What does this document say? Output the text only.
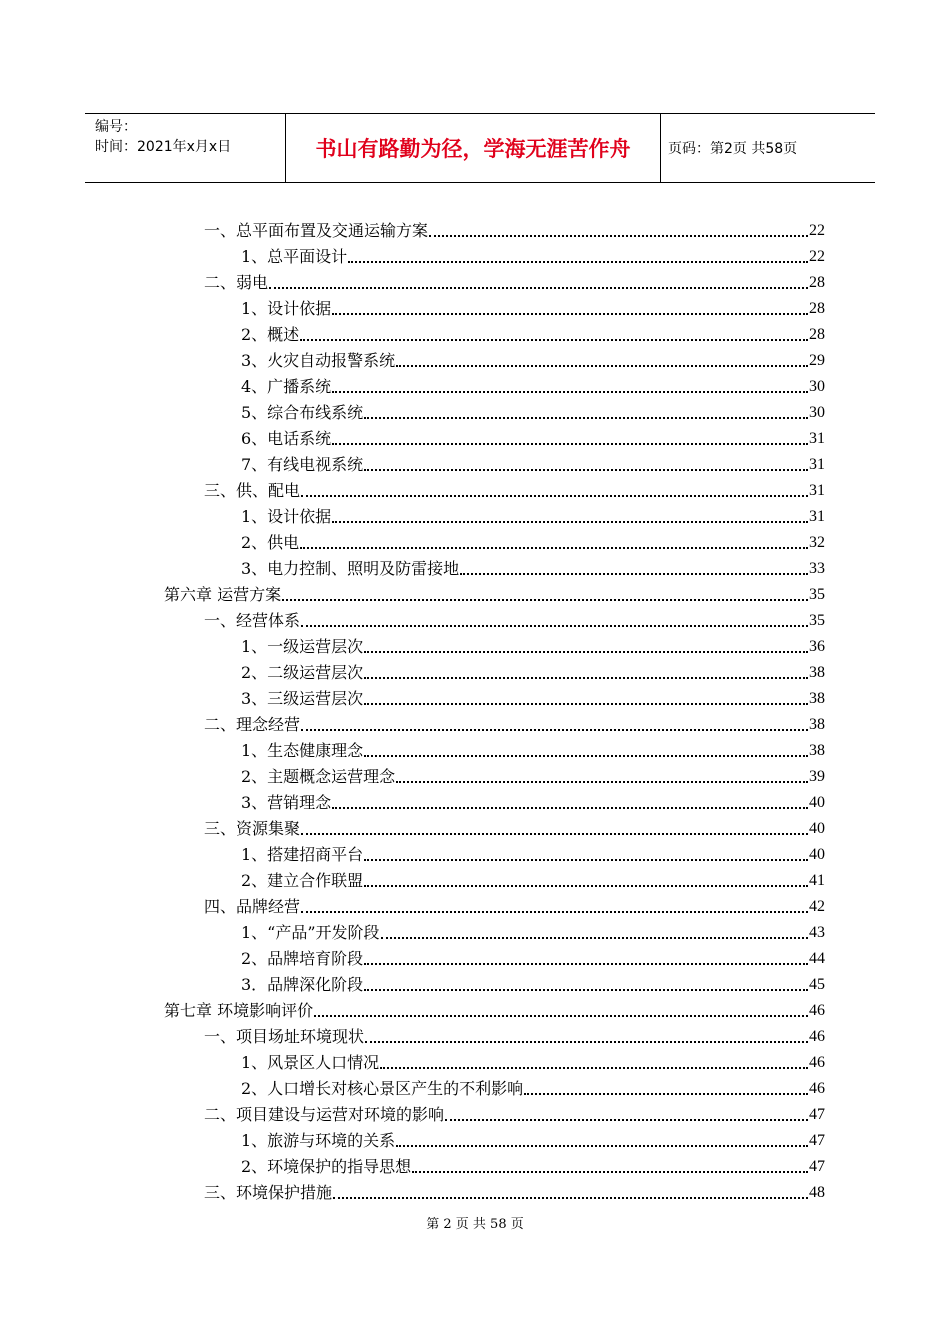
编号：
时间：2021年x月x日	书山有路勤为径，学海无涯苦作舟	页码：第2页 共58页
一、总平面布置及交通运输方案	22
1、总平面设计	22
二、弱电	28
1、设计依据	28
2、概述	28
3、火灾自动报警系统	29
4、广播系统	30
5、综合布线系统	30
6、电话系统	31
7、有线电视系统	31
三、供、配电	31
1、设计依据	31
2、供电	32
3、电力控制、照明及防雷接地	33
第六章 运营方案	35
一、经营体系	35
1、一级运营层次	36
2、二级运营层次	38
3、三级运营层次	38
二、理念经营	38
1、生态健康理念	38
2、主题概念运营理念	39
3、营销理念	40
三、资源集聚	40
1、搭建招商平台	40
2、建立合作联盟	41
四、品牌经营	42
1、“产品”开发阶段	43
2、品牌培育阶段	44
3．品牌深化阶段	45
第七章 环境影响评价	46
一、项目场址环境现状	46
1、风景区人口情况	46
2、人口增长对核心景区产生的不利影响	46
二、项目建设与运营对环境的影响	47
1、旅游与环境的关系	47
2、环境保护的指导思想	47
三、环境保护措施	48
第 2 页 共 58 页
